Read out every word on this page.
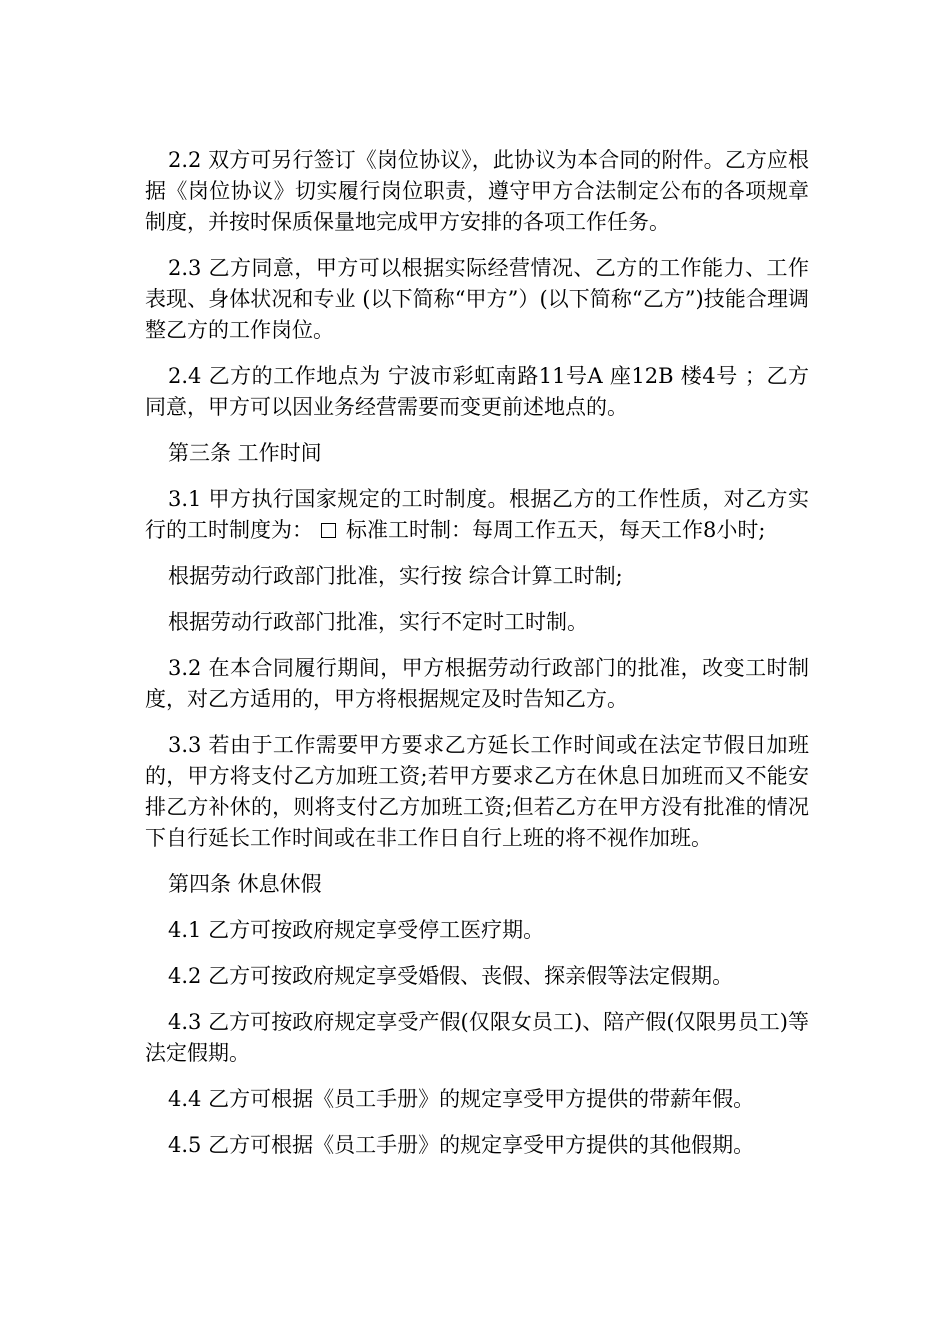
2.2 双方可另行签订《岗位协议》，此协议为本合同的附件。乙方应根据《岗位协议》切实履行岗位职责，遵守甲方合法制定公布的各项规章制度，并按时保质保量地完成甲方安排的各项工作任务。

2.3 乙方同意，甲方可以根据实际经营情况、乙方的工作能力、工作表现、身体状况和专业 (以下简称“甲方”）(以下简称“乙方”)技能合理调整乙方的工作岗位。

2.4 乙方的工作地点为 宁波市彩虹南路11号A 座12B 楼4号 ；乙方同意，甲方可以因业务经营需要而变更前述地点的。

第三条 工作时间

3.1 甲方执行国家规定的工时制度。根据乙方的工作性质，对乙方实行的工时制度为： 标准工时制：每周工作五天，每天工作8小时;

根据劳动行政部门批准，实行按 综合计算工时制;

根据劳动行政部门批准，实行不定时工时制。

3.2 在本合同履行期间，甲方根据劳动行政部门的批准，改变工时制度，对乙方适用的，甲方将根据规定及时告知乙方。

3.3 若由于工作需要甲方要求乙方延长工作时间或在法定节假日加班的，甲方将支付乙方加班工资;若甲方要求乙方在休息日加班而又不能安排乙方补休的，则将支付乙方加班工资;但若乙方在甲方没有批准的情况下自行延长工作时间或在非工作日自行上班的将不视作加班。

第四条 休息休假

4.1 乙方可按政府规定享受停工医疗期。

4.2 乙方可按政府规定享受婚假、丧假、探亲假等法定假期。

4.3 乙方可按政府规定享受产假(仅限女员工)、陪产假(仅限男员工)等法定假期。

4.4 乙方可根据《员工手册》的规定享受甲方提供的带薪年假。

4.5 乙方可根据《员工手册》的规定享受甲方提供的其他假期。
